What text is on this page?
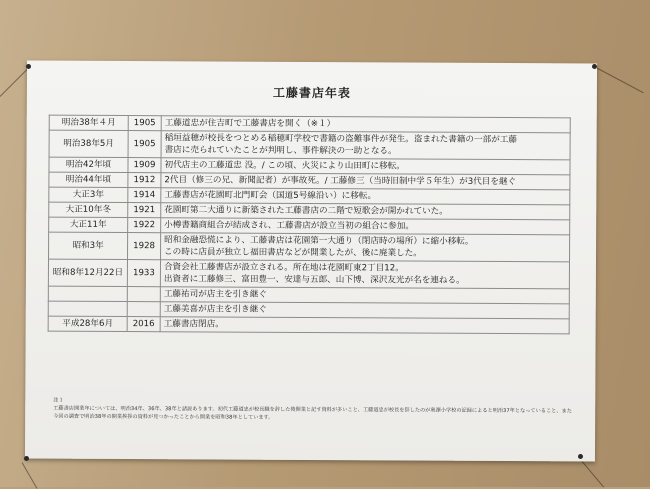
工藤書店年表
明治38年４月	1905	工藤道忠が住吉町で工藤書店を開く（※１）

明治38年5月	1905	稲垣益穂が校長をつとめる稲穂町学校で書籍の盗難事件が発生。盗まれた書籍の一部が工藤
書店に売られていたことが判明し、事件解決の一助となる。

明治42年頃	1909	初代店主の工藤道忠 没。/ この頃、火災により山田町に移転。

明治44年頃	1912	2代目（修三の兄、新聞記者）が事故死。/ 工藤修三（当時旧制中学５年生）が3代目を継ぐ

大正3年	1914	工藤書店が花園町北門町会（国道5号線沿い）に移転。

大正10年冬	1921	花園町第二大通りに新築された工藤書店の二階で短歌会が開かれていた。

大正11年	1922	小樽書籍商組合が結成され、工藤書店が設立当初の組合に参加。

昭和3年	1928	昭和金融恐慌により、工藤書店は花園第一大通り（閉店時の場所）に縮小移転。
この時に店員が独立し福田書店などが開業したが、後に廃業した。

昭和8年12月22日	1933	合資会社工藤書店が設立される。所在地は花園町東2丁目12。
出資者に工藤修三、富田豊一、安達与五郎、山下博、深沢友光が名を連ねる。

		工藤祐司が店主を引き継ぐ

		工藤美喜が店主を引き継ぐ

平成28年6月	2016	工藤書店閉店。
注１
工藤書店開業年については、明治34年、36年、38年と諸説あります。初代工藤道忠が校長職を辞した後開業と記す資料が多いこと、工藤道忠が校長を辞したのが奥澤小学校の記録によると明治37年となっていること、また今回の調査で明治38年の開業挨拶の資料が見つかったことから開業を昭和38年としています。
